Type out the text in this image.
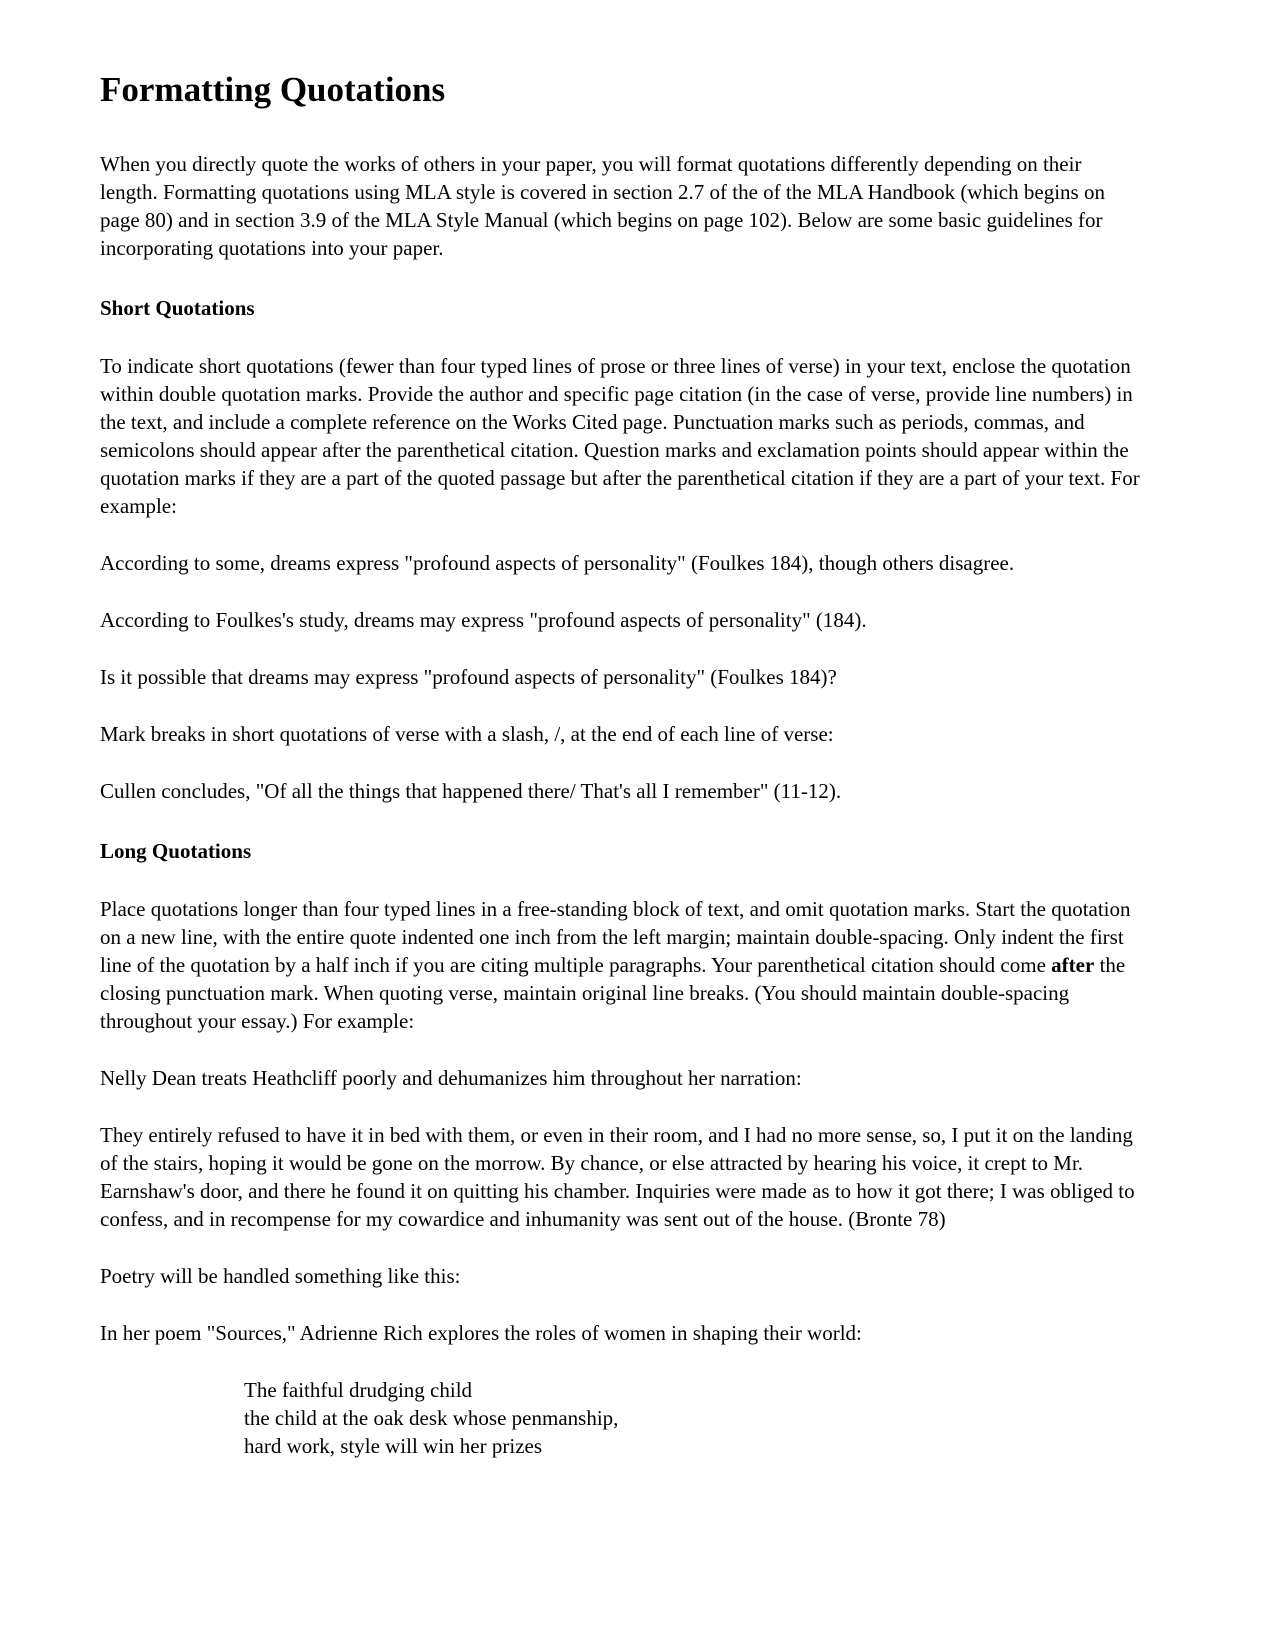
Formatting Quotations

When you directly quote the works of others in your paper, you will format quotations differently depending on their length. Formatting quotations using MLA style is covered in section 2.7 of the of the MLA Handbook (which begins on page 80) and in section 3.9 of the MLA Style Manual (which begins on page 102). Below are some basic guidelines for incorporating quotations into your paper.

Short Quotations

To indicate short quotations (fewer than four typed lines of prose or three lines of verse) in your text, enclose the quotation within double quotation marks. Provide the author and specific page citation (in the case of verse, provide line numbers) in the text, and include a complete reference on the Works Cited page. Punctuation marks such as periods, commas, and semicolons should appear after the parenthetical citation. Question marks and exclamation points should appear within the quotation marks if they are a part of the quoted passage but after the parenthetical citation if they are a part of your text. For example:

According to some, dreams express "profound aspects of personality" (Foulkes 184), though others disagree.

According to Foulkes's study, dreams may express "profound aspects of personality" (184).

Is it possible that dreams may express "profound aspects of personality" (Foulkes 184)?

Mark breaks in short quotations of verse with a slash, /, at the end of each line of verse:

Cullen concludes, "Of all the things that happened there/ That's all I remember" (11-12).

Long Quotations

Place quotations longer than four typed lines in a free-standing block of text, and omit quotation marks. Start the quotation on a new line, with the entire quote indented one inch from the left margin; maintain double-spacing. Only indent the first line of the quotation by a half inch if you are citing multiple paragraphs. Your parenthetical citation should come after the closing punctuation mark. When quoting verse, maintain original line breaks. (You should maintain double-spacing throughout your essay.) For example:

Nelly Dean treats Heathcliff poorly and dehumanizes him throughout her narration:

They entirely refused to have it in bed with them, or even in their room, and I had no more sense, so, I put it on the landing of the stairs, hoping it would be gone on the morrow. By chance, or else attracted by hearing his voice, it crept to Mr. Earnshaw's door, and there he found it on quitting his chamber. Inquiries were made as to how it got there; I was obliged to confess, and in recompense for my cowardice and inhumanity was sent out of the house. (Bronte 78)

Poetry will be handled something like this:

In her poem "Sources," Adrienne Rich explores the roles of women in shaping their world:

The faithful drudging child
the child at the oak desk whose penmanship,
hard work, style will win her prizes
